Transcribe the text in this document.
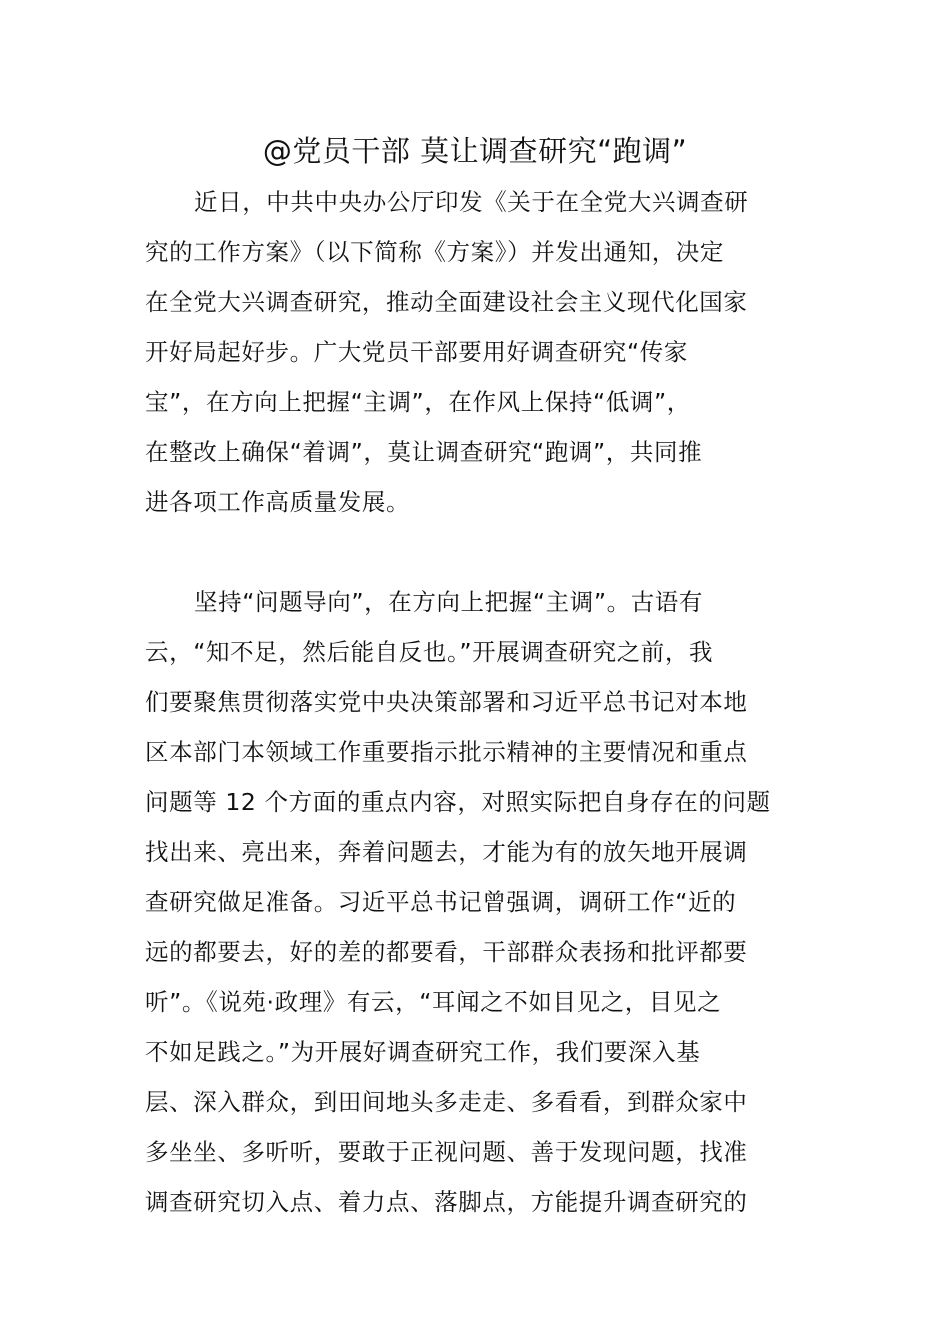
@党员干部 莫让调查研究“跑调”
近日，中共中央办公厅印发《关于在全党大兴调查研
究的工作方案》（以下简称《方案》）并发出通知，决定
在全党大兴调查研究，推动全面建设社会主义现代化国家
开好局起好步。广大党员干部要用好调查研究“传家
宝”，在方向上把握“主调”，在作风上保持“低调”，
在整改上确保“着调”，莫让调查研究“跑调”，共同推
进各项工作高质量发展。
坚持“问题导向”，在方向上把握“主调”。古语有
云，“知不足，然后能自反也。”开展调查研究之前，我
们要聚焦贯彻落实党中央决策部署和习近平总书记对本地
区本部门本领域工作重要指示批示精神的主要情况和重点
问题等 12 个方面的重点内容，对照实际把自身存在的问题
找出来、亮出来，奔着问题去，才能为有的放矢地开展调
查研究做足准备。习近平总书记曾强调，调研工作“近的
远的都要去，好的差的都要看，干部群众表扬和批评都要
听”。《说苑·政理》有云，“耳闻之不如目见之，目见之
不如足践之。”为开展好调查研究工作，我们要深入基
层、深入群众，到田间地头多走走、多看看，到群众家中
多坐坐、多听听，要敢于正视问题、善于发现问题，找准
调查研究切入点、着力点、落脚点，方能提升调查研究的
